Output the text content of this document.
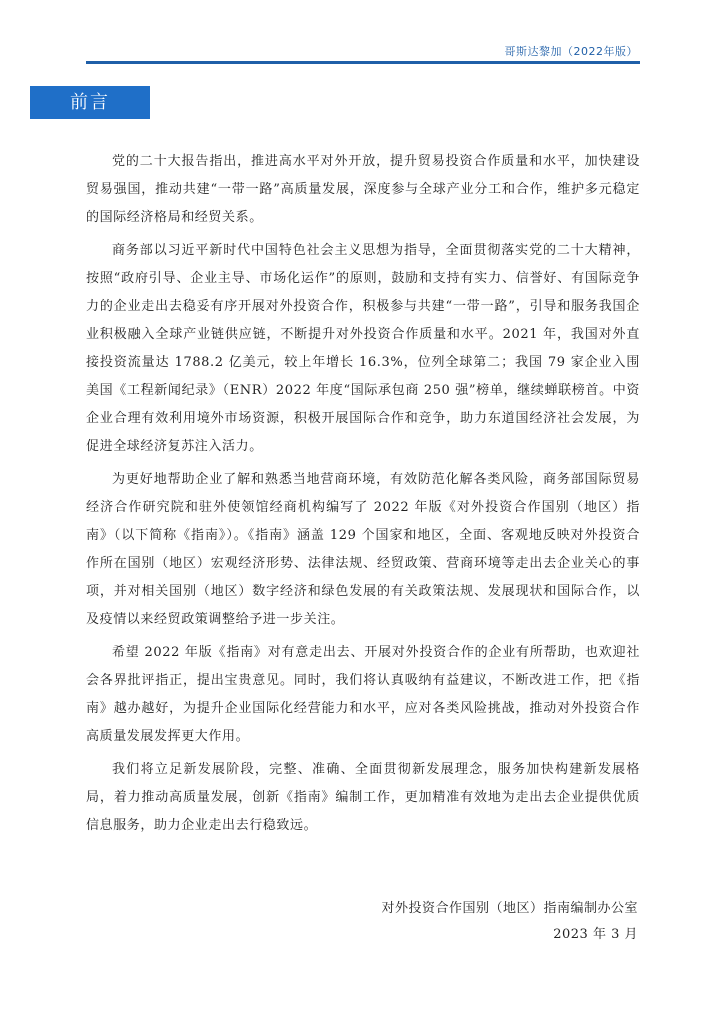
哥斯达黎加（2022年版）
前言

党的二十大报告指出，推进高水平对外开放，提升贸易投资合作质量和水平，加快建设贸易强国，推动共建“一带一路”高质量发展，深度参与全球产业分工和合作，维护多元稳定的国际经济格局和经贸关系。

商务部以习近平新时代中国特色社会主义思想为指导，全面贯彻落实党的二十大精神，按照“政府引导、企业主导、市场化运作”的原则，鼓励和支持有实力、信誉好、有国际竞争力的企业走出去稳妥有序开展对外投资合作，积极参与共建“一带一路”，引导和服务我国企业积极融入全球产业链供应链，不断提升对外投资合作质量和水平。2021 年，我国对外直接投资流量达 1788.2 亿美元，较上年增长 16.3%，位列全球第二；我国 79 家企业入围美国《工程新闻纪录》（ENR）2022 年度“国际承包商 250 强”榜单，继续蝉联榜首。中资企业合理有效利用境外市场资源，积极开展国际合作和竞争，助力东道国经济社会发展，为促进全球经济复苏注入活力。

为更好地帮助企业了解和熟悉当地营商环境，有效防范化解各类风险，商务部国际贸易经济合作研究院和驻外使领馆经商机构编写了 2022 年版《对外投资合作国别（地区）指南》（以下简称《指南》）。《指南》涵盖 129 个国家和地区，全面、客观地反映对外投资合作所在国别（地区）宏观经济形势、法律法规、经贸政策、营商环境等走出去企业关心的事项，并对相关国别（地区）数字经济和绿色发展的有关政策法规、发展现状和国际合作，以及疫情以来经贸政策调整给予进一步关注。

希望 2022 年版《指南》对有意走出去、开展对外投资合作的企业有所帮助，也欢迎社会各界批评指正，提出宝贵意见。同时，我们将认真吸纳有益建议，不断改进工作，把《指南》越办越好，为提升企业国际化经营能力和水平，应对各类风险挑战，推动对外投资合作高质量发展发挥更大作用。

我们将立足新发展阶段，完整、准确、全面贯彻新发展理念，服务加快构建新发展格局，着力推动高质量发展，创新《指南》编制工作，更加精准有效地为走出去企业提供优质信息服务，助力企业走出去行稳致远。

对外投资合作国别（地区）指南编制办公室
2023 年 3 月
